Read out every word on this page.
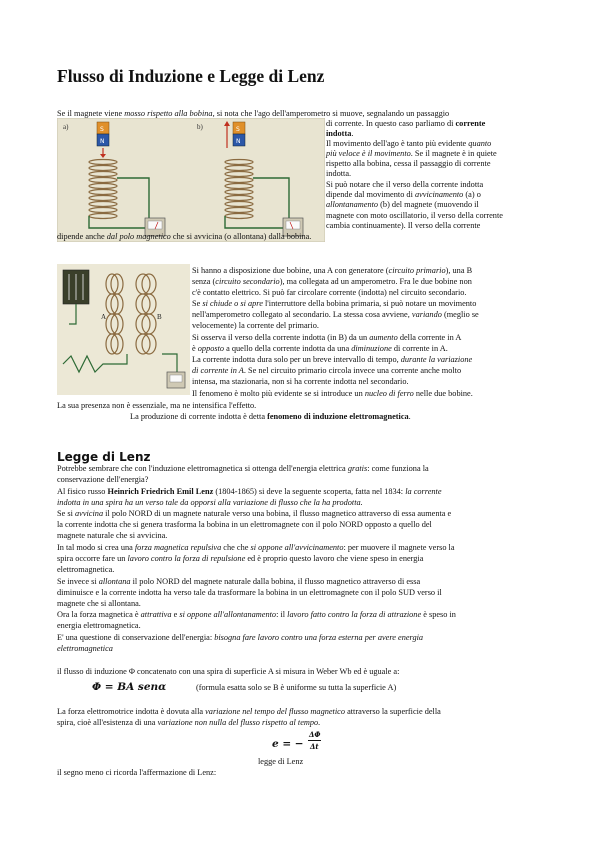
Flusso di Induzione e Legge di Lenz
Se il magnete viene mosso rispetto alla bobina, si nota che l'ago dell'amperometro si muove, segnalando un passaggio
a)	S
N
b)	S
N
di corrente. In questo caso parliamo di corrente
indotta.
Il movimento dell'ago è tanto più evidente quanto
più veloce è il movimento. Se il magnete è in quiete
rispetto alla bobina, cessa il passaggio di corrente
indotta.
Si può notare che il verso della corrente indotta
dipende dal movimento di avvicinamento (a) o
allontanamento (b) del magnete (muovendo il
magnete con moto oscillatorio, il verso della corrente
cambia continuamente). Il verso della corrente
dipende anche dal polo magnetico che si avvicina (o allontana) dalla bobina.
A	B
Si hanno a disposizione due bobine, una A con generatore (circuito primario), una B
senza (circuito secondario), ma collegata ad un amperometro. Fra le due bobine non
c'è contatto elettrico. Si può far circolare corrente (indotta) nel circuito secondario.
Se si chiude o si apre l'interruttore della bobina primaria, si può notare un movimento
nell'amperometro collegato al secondario. La stessa cosa avviene, variando (meglio se
velocemente) la corrente del primario.
Si osserva il verso della corrente indotta (in B) da un aumento della corrente in A
è opposto a quello della corrente indotta da una diminuzione di corrente in A.
La corrente indotta dura solo per un breve intervallo di tempo, durante la variazione
di corrente in A. Se nel circuito primario circola invece una corrente anche molto
intensa, ma stazionaria, non si ha corrente indotta nel secondario.
Il fenomeno è molto più evidente se si introduce un nucleo di ferro nelle due bobine.
La sua presenza non è essenziale, ma ne intensifica l'effetto.
La produzione di corrente indotta è detta fenomeno di induzione elettromagnetica.
Legge di Lenz
Potrebbe sembrare che con l'induzione elettromagnetica si ottenga dell'energia elettrica gratis: come funziona la
conservazione dell'energia?
Al fisico russo Heinrich Friedrich Emil Lenz (1804-1865) si deve la seguente scoperta, fatta nel 1834: la corrente
indotta in una spira ha un verso tale da opporsi alla variazione di flusso che la ha prodotta.
Se si avvicina il polo NORD di un magnete naturale verso una bobina, il flusso magnetico attraverso di essa aumenta e
la corrente indotta che si genera trasforma la bobina in un elettromagnete con il polo NORD opposto a quello del
magnete naturale che si avvicina.
In tal modo si crea una forza magnetica repulsiva che che si oppone all'avvicinamento: per muovere il magnete verso la
spira occorre fare un lavoro contro la forza di repulsione ed è proprio questo lavoro che viene speso in energia
elettromagnetica.
Se invece si allontana il polo NORD del magnete naturale dalla bobina, il flusso magnetico attraverso di essa
diminuisce e la corrente indotta ha verso tale da trasformare la bobina in un elettromagnete con il polo SUD verso il
magnete che si allontana.
Ora la forza magnetica è attrattiva e si oppone all'allontanamento: il lavoro fatto contro la forza di attrazione è speso in
energia elettromagnetica.
E' una questione di conservazione dell'energia: bisogna fare lavoro contro una forza esterna per avere energia
elettromagnetica
il flusso di induzione Φ concatenato con una spira di superficie A si misura in Weber Wb ed è uguale a:
Φ = BA senα	(formula esatta solo se B è uniforme su tutta la superficie A)
La forza elettromotrice indotta è dovuta alla variazione nel tempo del flusso magnetico attraverso la superficie della
spira, cioè all'esistenza di una variazione non nulla del flusso rispetto al tempo.
e = −
ΔΦ
Δt
legge di Lenz
il segno meno ci ricorda l'affermazione di Lenz:
